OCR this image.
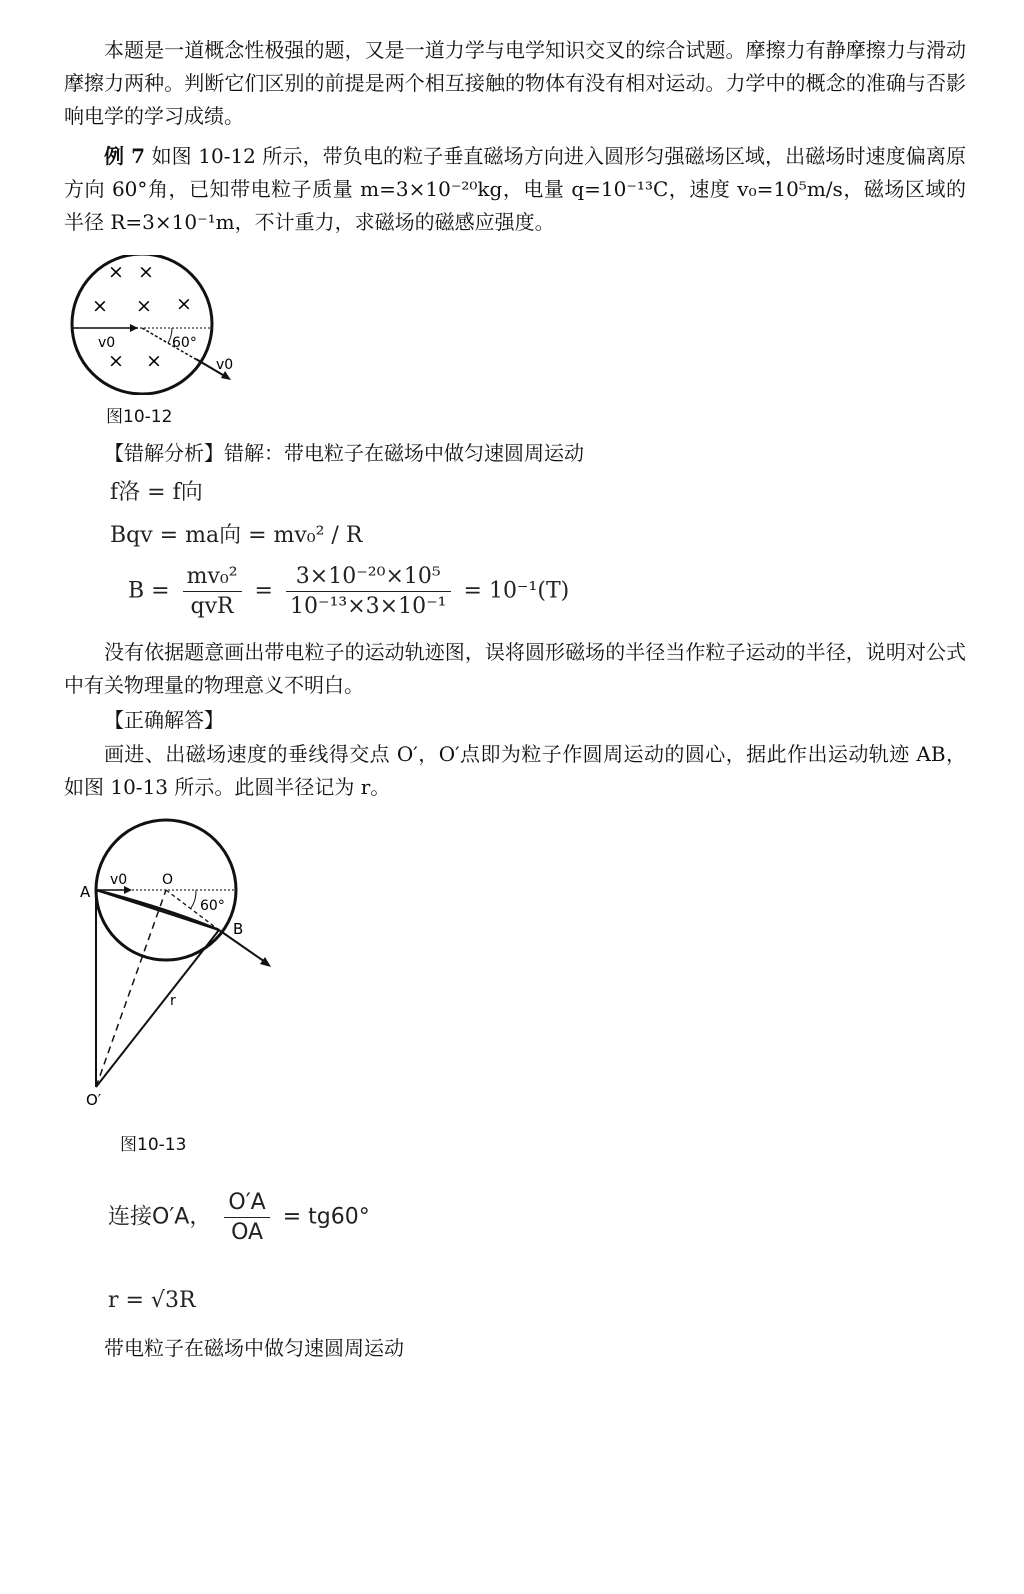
本题是一道概念性极强的题，又是一道力学与电学知识交叉的综合试题。摩擦力有静摩擦力与滑动摩擦力两种。判断它们区别的前提是两个相互接触的物体有没有相对运动。力学中的概念的准确与否影响电学的学习成绩。

例 7 如图 10-12 所示，带负电的粒子垂直磁场方向进入圆形匀强磁场区域，出磁场时速度偏离原方向 60°角，已知带电粒子质量 m=3×10⁻²⁰kg，电量 q=10⁻¹³C，速度 v₀=10⁵m/s，磁场区域的半径 R=3×10⁻¹m，不计重力，求磁场的磁感应强度。

× ×
× × ×
× ×
v0	60°
v0
图10-12

【错解分析】错解：带电粒子在磁场中做匀速圆周运动

f洛 = f向
Bqv = ma向 = mv₀² / R
$B = \frac{\text{mv₀²}}{\text{qvR}} = \frac{\text{3×10⁻²⁰×10⁵}}{\text{10⁻¹³×3×10⁻¹}} = 10^{-1}(T)$

没有依据题意画出带电粒子的运动轨迹图，误将圆形磁场的半径当作粒子运动的半径，说明对公式中有关物理量的物理意义不明白。

【正确解答】

画进、出磁场速度的垂线得交点 O′，O′点即为粒子作圆周运动的圆心，据此作出运动轨迹 AB，如图 10-13 所示。此圆半径记为 r。

A
B
O
v0
60°
r
O′
图10-13
连接O′A， $\frac{O'A}{OA} = tg60^\circ$
r = √3R

带电粒子在磁场中做匀速圆周运动
